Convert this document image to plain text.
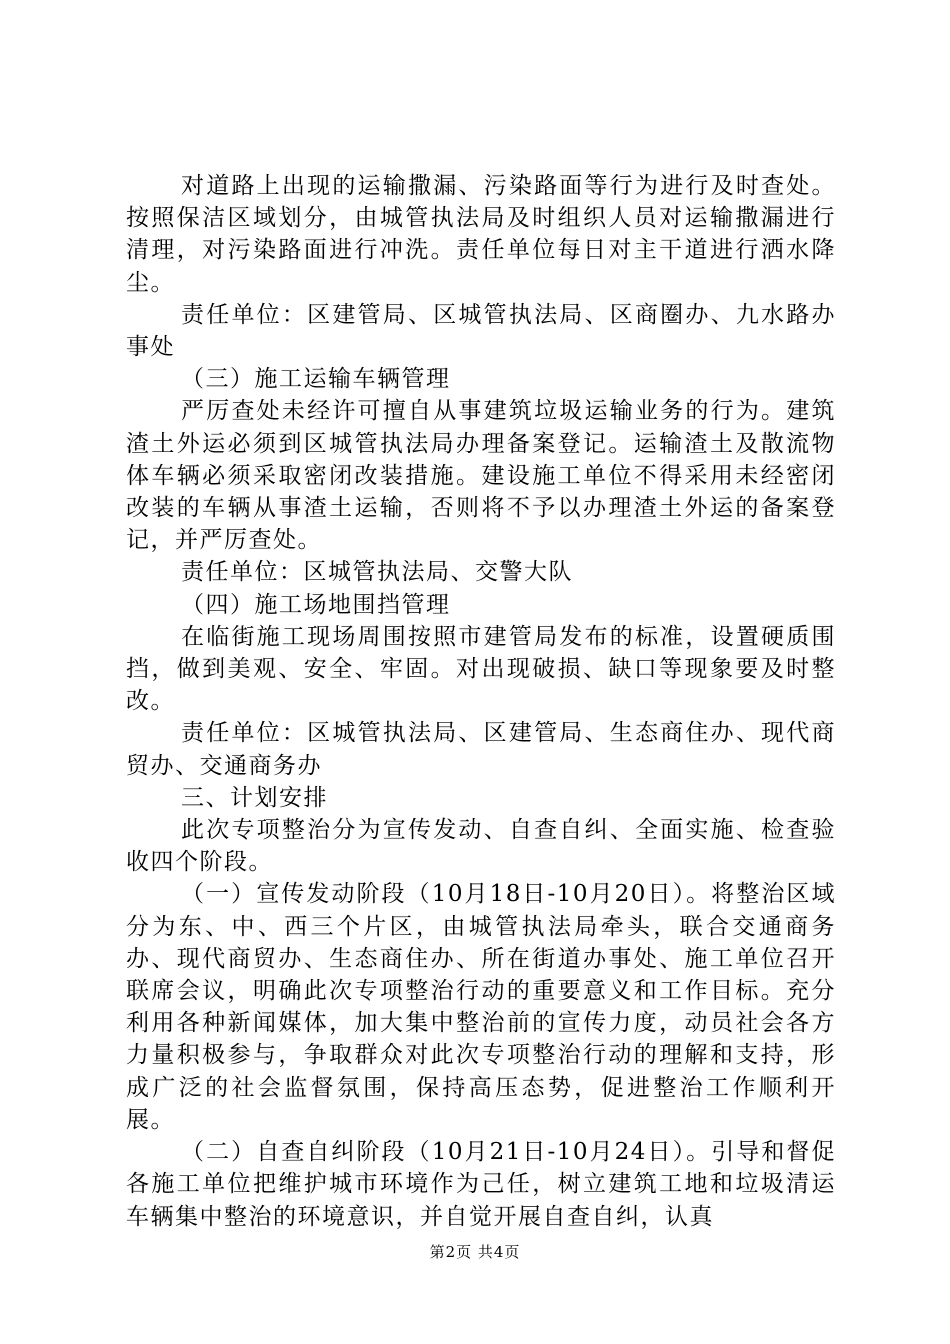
对道路上出现的运输撒漏、污染路面等行为进行及时查处。按照保洁区域划分，由城管执法局及时组织人员对运输撒漏进行清理，对污染路面进行冲洗。责任单位每日对主干道进行洒水降尘。

责任单位：区建管局、区城管执法局、区商圈办、九水路办事处

（三）施工运输车辆管理

严厉查处未经许可擅自从事建筑垃圾运输业务的行为。建筑渣土外运必须到区城管执法局办理备案登记。运输渣土及散流物体车辆必须采取密闭改装措施。建设施工单位不得采用未经密闭改装的车辆从事渣土运输，否则将不予以办理渣土外运的备案登记，并严厉查处。

责任单位：区城管执法局、交警大队

（四）施工场地围挡管理

在临街施工现场周围按照市建管局发布的标准，设置硬质围挡，做到美观、安全、牢固。对出现破损、缺口等现象要及时整改。

责任单位：区城管执法局、区建管局、生态商住办、现代商贸办、交通商务办

三、计划安排

此次专项整治分为宣传发动、自查自纠、全面实施、检查验收四个阶段。

（一）宣传发动阶段（10月18日-10月20日）。将整治区域分为东、中、西三个片区，由城管执法局牵头，联合交通商务办、现代商贸办、生态商住办、所在街道办事处、施工单位召开联席会议，明确此次专项整治行动的重要意义和工作目标。充分利用各种新闻媒体，加大集中整治前的宣传力度，动员社会各方力量积极参与，争取群众对此次专项整治行动的理解和支持，形成广泛的社会监督氛围，保持高压态势，促进整治工作顺利开展。

（二）自查自纠阶段（10月21日-10月24日）。引导和督促各施工单位把维护城市环境作为己任，树立建筑工地和垃圾清运车辆集中整治的环境意识，并自觉开展自查自纠，认真

第2页 共4页
